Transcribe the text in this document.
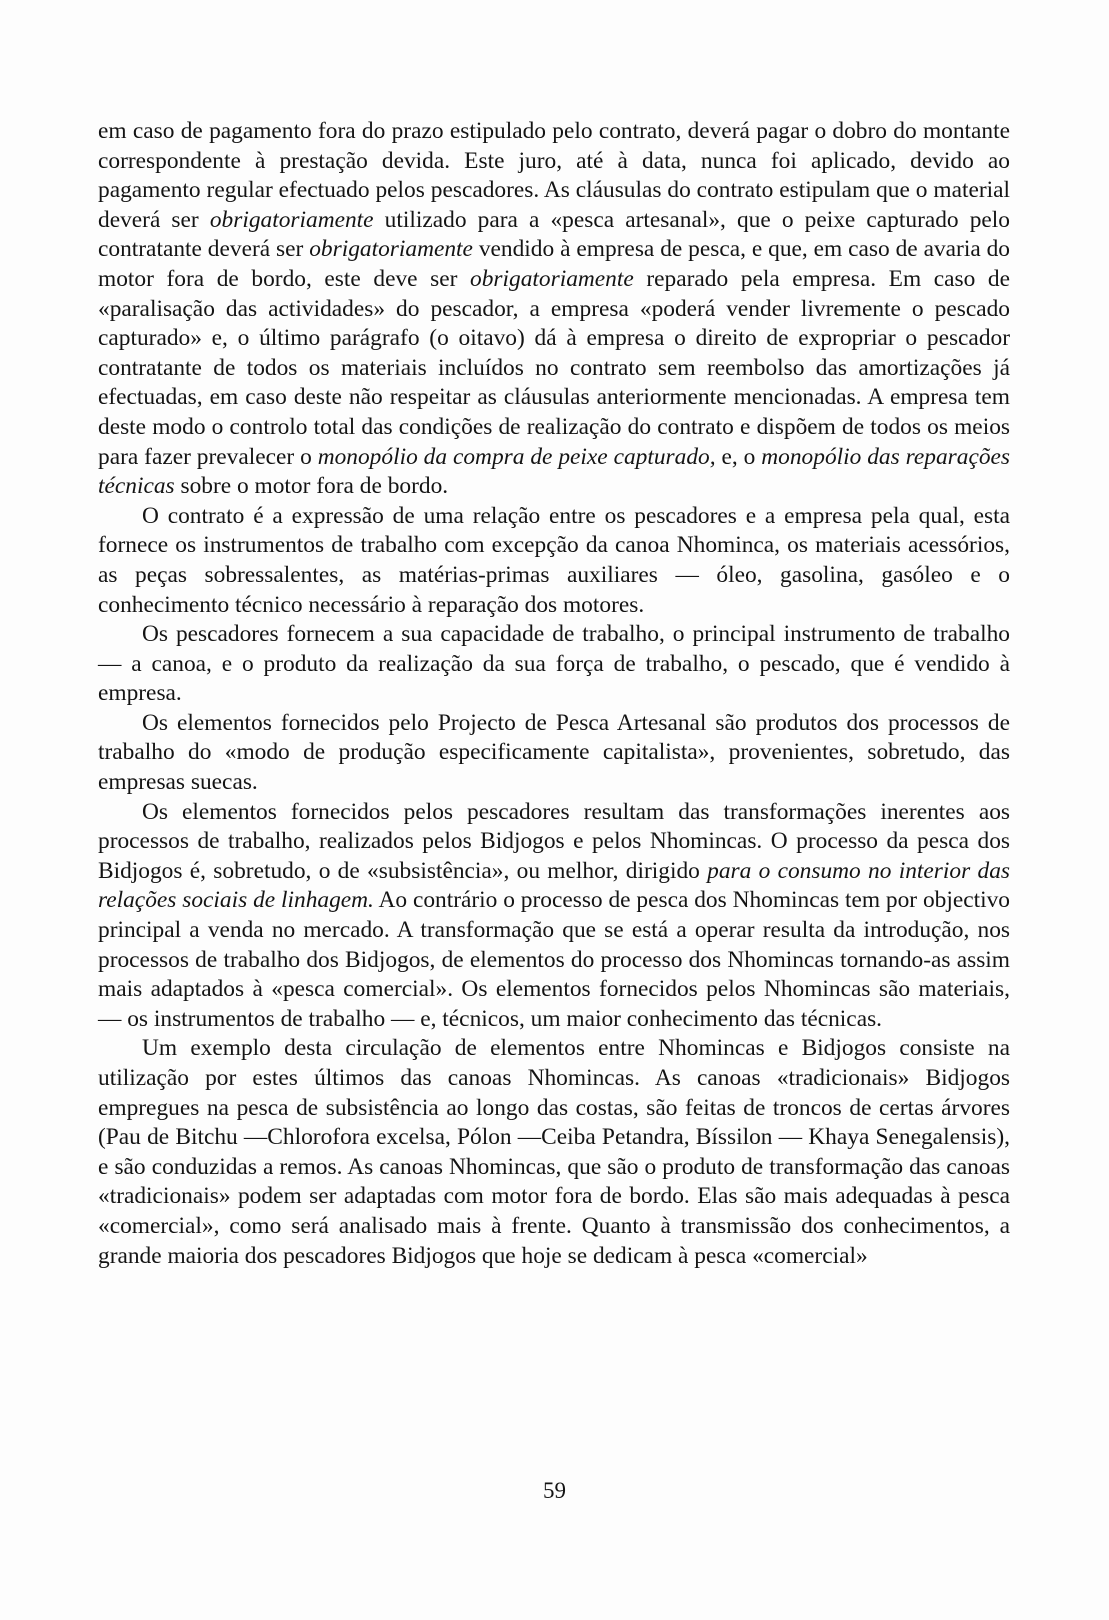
em caso de pagamento fora do prazo estipulado pelo contrato, deverá pagar o dobro do montante correspondente à prestação devida. Este juro, até à data, nunca foi aplicado, devido ao pagamento regular efectuado pelos pescadores. As cláusulas do contrato estipulam que o material deverá ser obrigatoriamente utilizado para a «pesca artesanal», que o peixe capturado pelo contratante deverá ser obrigatoriamente vendido à empresa de pesca, e que, em caso de avaria do motor fora de bordo, este deve ser obrigatoriamente reparado pela empresa. Em caso de «paralisação das actividades» do pescador, a empresa «poderá vender livremente o pescado capturado» e, o último parágrafo (o oitavo) dá à empresa o direito de expropriar o pescador contratante de todos os materiais incluídos no contrato sem reembolso das amortizações já efectuadas, em caso deste não respeitar as cláusulas anteriormente mencionadas. A empresa tem deste modo o controlo total das condições de realização do contrato e dispõem de todos os meios para fazer prevalecer o monopólio da compra de peixe capturado, e, o monopólio das reparações técnicas sobre o motor fora de bordo.

O contrato é a expressão de uma relação entre os pescadores e a empresa pela qual, esta fornece os instrumentos de trabalho com excepção da canoa Nhominca, os materiais acessórios, as peças sobressalentes, as matérias-primas auxiliares — óleo, gasolina, gasóleo e o conhecimento técnico necessário à reparação dos motores.

Os pescadores fornecem a sua capacidade de trabalho, o principal instrumento de trabalho — a canoa, e o produto da realização da sua força de trabalho, o pescado, que é vendido à empresa.

Os elementos fornecidos pelo Projecto de Pesca Artesanal são produtos dos processos de trabalho do «modo de produção especificamente capitalista», provenientes, sobretudo, das empresas suecas.

Os elementos fornecidos pelos pescadores resultam das transformações inerentes aos processos de trabalho, realizados pelos Bidjogos e pelos Nhomincas. O processo da pesca dos Bidjogos é, sobretudo, o de «subsistência», ou melhor, dirigido para o consumo no interior das relações sociais de linhagem. Ao contrário o processo de pesca dos Nhomincas tem por objectivo principal a venda no mercado. A transformação que se está a operar resulta da introdução, nos processos de trabalho dos Bidjogos, de elementos do processo dos Nhomincas tornando-as assim mais adaptados à «pesca comercial». Os elementos fornecidos pelos Nhomincas são materiais, — os instrumentos de trabalho — e, técnicos, um maior conhecimento das técnicas.

Um exemplo desta circulação de elementos entre Nhomincas e Bidjogos consiste na utilização por estes últimos das canoas Nhomincas. As canoas «tradicionais» Bidjogos empregues na pesca de subsistência ao longo das costas, são feitas de troncos de certas árvores (Pau de Bitchu —Chlorofora excelsa, Pólon —Ceiba Petandra, Bíssilon — Khaya Senegalensis), e são conduzidas a remos. As canoas Nhomincas, que são o produto de transformação das canoas «tradicionais» podem ser adaptadas com motor fora de bordo. Elas são mais adequadas à pesca «comercial», como será analisado mais à frente. Quanto à transmissão dos conhecimentos, a grande maioria dos pescadores Bidjogos que hoje se dedicam à pesca «comercial»

59
